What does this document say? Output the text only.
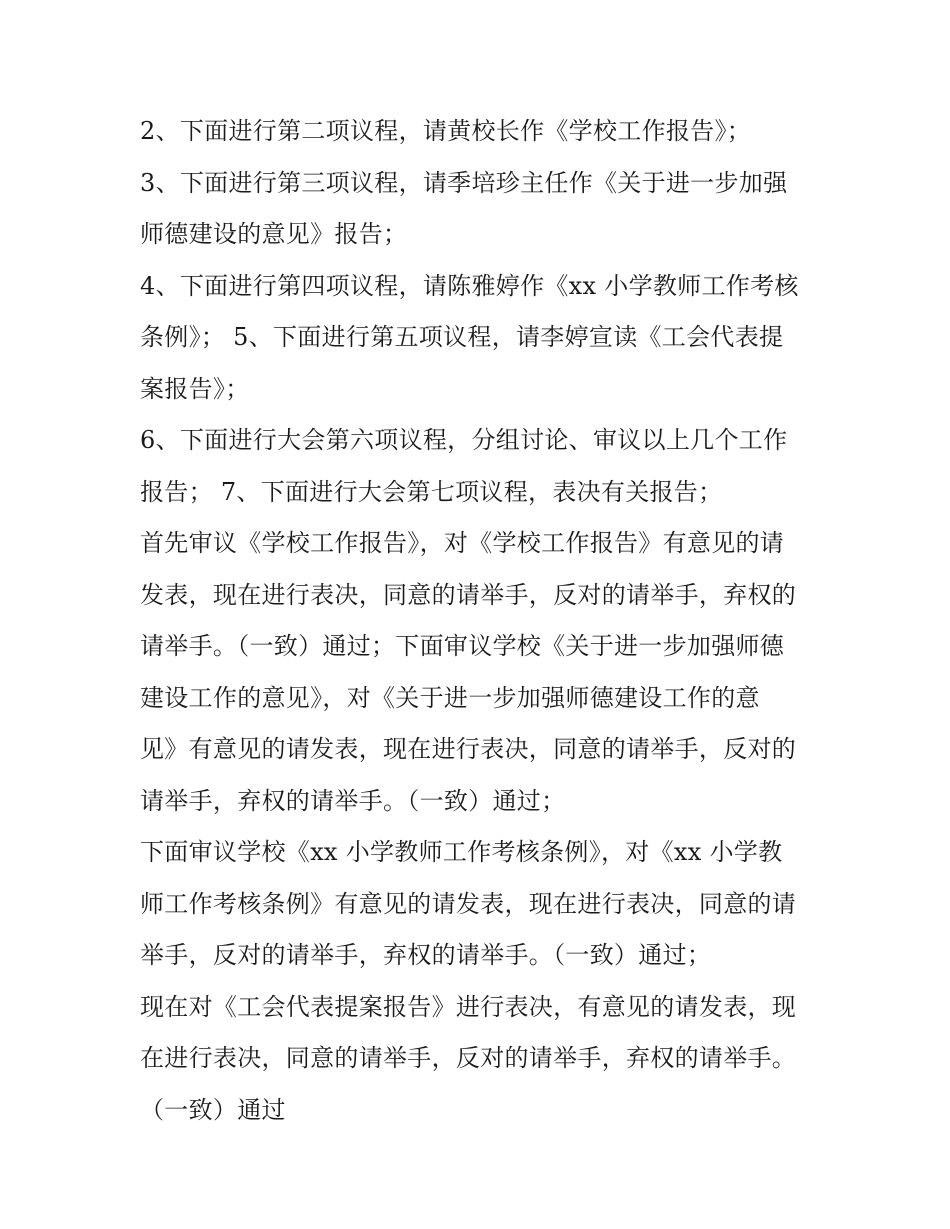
2、下面进行第二项议程，请黄校长作《学校工作报告》；
3、下面进行第三项议程，请季培珍主任作《关于进一步加强
师德建设的意见》报告；
4、下面进行第四项议程，请陈雅婷作《xx 小学教师工作考核
条例》； 5、下面进行第五项议程，请李婷宣读《工会代表提
案报告》；
6、下面进行大会第六项议程，分组讨论、审议以上几个工作
报告； 7、下面进行大会第七项议程，表决有关报告；
首先审议《学校工作报告》，对《学校工作报告》有意见的请
发表，现在进行表决，同意的请举手，反对的请举手，弃权的
请举手。（一致）通过；下面审议学校《关于进一步加强师德
建设工作的意见》，对《关于进一步加强师德建设工作的意
见》有意见的请发表，现在进行表决，同意的请举手，反对的
请举手，弃权的请举手。（一致）通过；
下面审议学校《xx 小学教师工作考核条例》，对《xx 小学教
师工作考核条例》有意见的请发表，现在进行表决，同意的请
举手，反对的请举手，弃权的请举手。（一致）通过；
现在对《工会代表提案报告》进行表决，有意见的请发表，现
在进行表决，同意的请举手，反对的请举手，弃权的请举手。
（一致）通过
